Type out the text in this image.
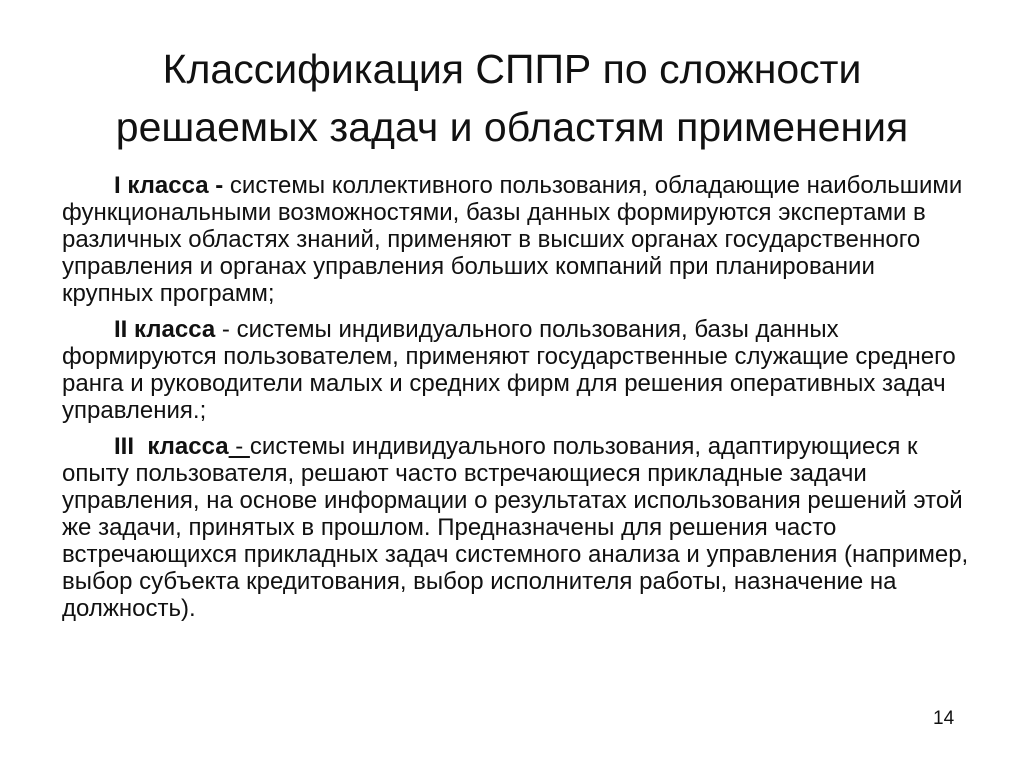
Классификация СППР по сложности
решаемых задач и областям применения

I класса - системы коллективного пользования, обладающие наибольшими функциональными возможностями, базы данных формируются экспертами в различных областях знаний, применяют в высших органах государственного управления и органах управления больших компаний при планировании крупных программ;

II класса - системы индивидуального пользования, базы данных формируются пользователем, применяют государственные служащие среднего ранга и руководители малых и средних фирм для решения оперативных задач управления.;

III  класса - системы индивидуального пользования, адаптирующиеся к опыту пользователя, решают часто встречающиеся прикладные задачи управления, на основе информации о результатах использования решений этой же задачи, принятых в прошлом. Предназначены для решения часто встречающихся прикладных задач системного анализа и управления (например, выбор субъекта кредитования, выбор исполнителя работы, назначение на должность).

14
